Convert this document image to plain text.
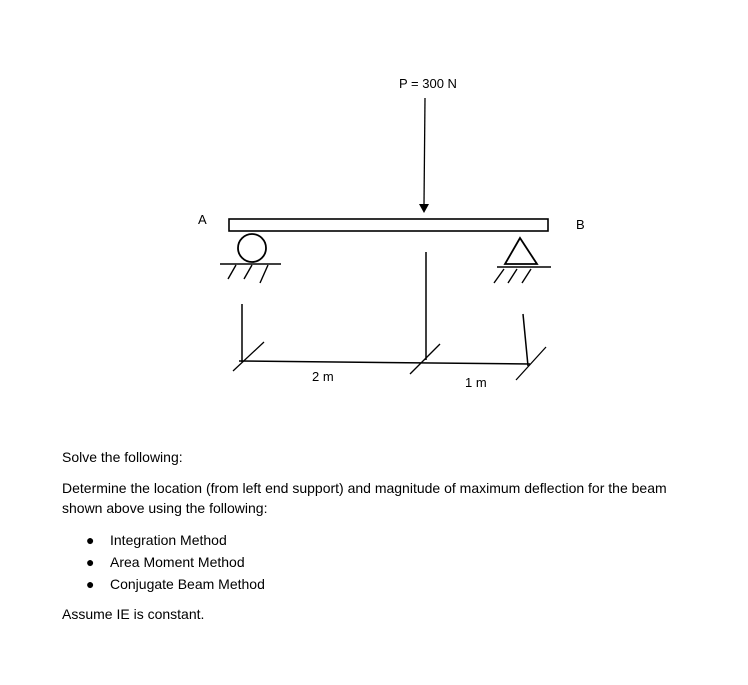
P = 300 N
A	B
2 m	1 m

Solve the following:

Determine the location (from left end support) and magnitude of maximum deflection for the beam shown above using the following:

● Integration Method
● Area Moment Method
● Conjugate Beam Method

Assume IE is constant.
